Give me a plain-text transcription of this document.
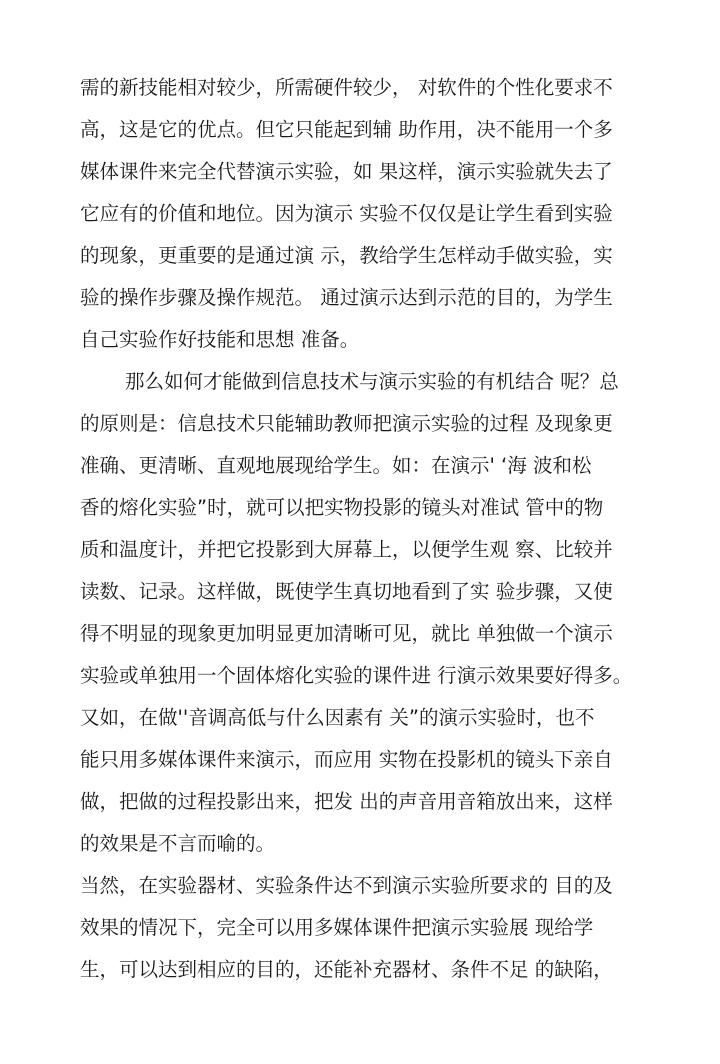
需的新技能相对较少，所需硬件较少， 对软件的个性化要求不
高，这是它的优点。但它只能起到辅 助作用，决不能用一个多
媒体课件来完全代替演示实验，如 果这样，演示实验就失去了
它应有的价值和地位。因为演示 实验不仅仅是让学生看到实验
的现象，更重要的是通过演 示，教给学生怎样动手做实验，实
验的操作步骤及操作规范。 通过演示达到示范的目的，为学生
自己实验作好技能和思想 准备。
那么如何才能做到信息技术与演示实验的有机结合 呢？总
的原则是：信息技术只能辅助教师把演示实验的过程 及现象更
准确、更清晰、直观地展现给学生。如：在演示' ‘海 波和松
香的熔化实验”时，就可以把实物投影的镜头对准试 管中的物
质和温度计，并把它投影到大屏幕上，以便学生观 察、比较并
读数、记录。这样做，既使学生真切地看到了实 验步骤，又使
得不明显的现象更加明显更加清晰可见，就比 单独做一个演示
实验或单独用一个固体熔化实验的课件进 行演示效果要好得多。
又如，在做''音调高低与什么因素有 关”的演示实验时，也不
能只用多媒体课件来演示，而应用 实物在投影机的镜头下亲自
做，把做的过程投影出来，把发 出的声音用音箱放出来，这样
的效果是不言而喻的。
当然，在实验器材、实验条件达不到演示实验所要求的 目的及
效果的情况下，完全可以用多媒体课件把演示实验展 现给学
生，可以达到相应的目的，还能补充器材、条件不足 的缺陷，
